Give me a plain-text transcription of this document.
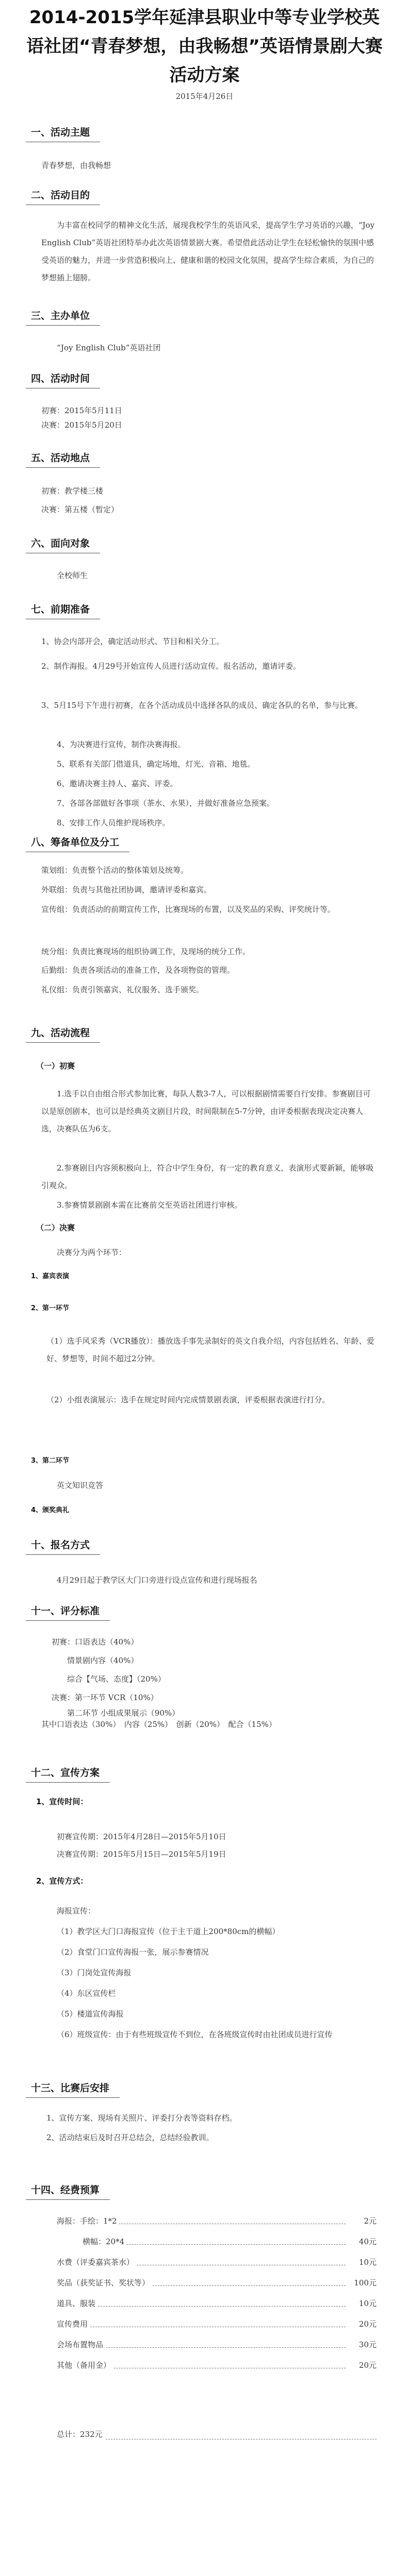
2014-2015学年延津县职业中等专业学校英语社团“青春梦想，由我畅想”英语情景剧大赛活动方案
2015年4月26日
一、活动主题

青春梦想，由我畅想

二、活动目的

为丰富在校同学的精神文化生活，展现我校学生的英语风采，提高学生学习英语的兴趣，“Joy English Club”英语社团特举办此次英语情景剧大赛。希望借此活动让学生在轻松愉快的氛围中感受英语的魅力，并进一步营造积极向上、健康和谐的校园文化氛围，提高学生综合素质，为自己的梦想插上翅膀。

三、主办单位

“Joy English Club”英语社团

四、活动时间

初赛：2015年5月11日

决赛：2015年5月20日

五、活动地点

初赛：教学楼三楼

决赛：第五楼（暂定）

六、面向对象

全校师生

七、前期准备

1、协会内部开会，确定活动形式、节目和相关分工。

2、制作海报。4月29号开始宣传人员进行活动宣传。报名活动，邀请评委。

3、5月15号下午进行初赛，在各个活动成员中选择各队的成员、确定各队的名单，参与比赛。

4、为决赛进行宣传，制作决赛海报。

5、联系有关部门借道具，确定场地，灯光、音箱、地毯。

6、邀请决赛主持人、嘉宾、评委。

7、各部各部做好各事项（茶水、水果），并做好准备应急预案。

8、安排工作人员维护现场秩序。

八、筹备单位及分工

策划组：负责整个活动的整体策划及统筹。

外联组：负责与其他社团协调，邀请评委和嘉宾。

宣传组：负责活动的前期宣传工作，比赛现场的布置，以及奖品的采购、评奖统计等。

统分组：负责比赛现场的组织协调工作，及现场的统分工作。

后勤组：负责各项活动的准备工作，及各项物资的管理。

礼仪组：负责引领嘉宾、礼仪服务、选手颁奖。

九、活动流程
（一）初赛

1.选手以自由组合形式参加比赛，每队人数3-7人，可以根据剧情需要自行安排。参赛剧目可以是原创剧本，也可以是经典英文剧目片段，时间限制在5-7分钟，由评委根据表现决定决赛人选，决赛队伍为6支。

2.参赛剧目内容须积极向上，符合中学生身份，有一定的教育意义，表演形式要新颖，能够吸引观众。

3.参赛情景剧剧本需在比赛前交至英语社团进行审核。

（二）决赛

决赛分为两个环节：

1、嘉宾表演
2、第一环节

（1）选手风采秀（VCR播放）：播放选手事先录制好的英文自我介绍，内容包括姓名、年龄、爱好、梦想等，时间不超过2分钟。

（2）小组表演展示：选手在规定时间内完成情景剧表演，评委根据表演进行打分。

3、第二环节

英文知识竞答

4、颁奖典礼
十、报名方式

4月29日起于教学区大门口旁进行设点宣传和进行现场报名

十一、评分标准

初赛：口语表达（40%）

情景剧内容（40%）

综合【气场、态度】（20%）

决赛：第一环节 VCR（10%）

第二环节 小组成果展示（90%）

其中口语表达（30%）　内容（25%）　创新（20%）　配合（15%）

十二、宣传方案
1、宣传时间：

初赛宣传期：2015年4月28日—2015年5月10日

决赛宣传期：2015年5月15日—2015年5月19日

2、宣传方式：

海报宣传：

（1）教学区大门口海报宣传（位于主干道上200*80cm的横幅）

（2）食堂门口宣传海报一张，展示参赛情况

（3）门岗处宣传海报

（4）东区宣传栏

（5）楼道宣传海报

（6）班级宣传：由于有些班级宣传不到位，在各班级宣传时由社团成员进行宣传

十三、比赛后安排

1、宣传方案、现场有关照片、评委打分表等资料存档。

2、活动结束后及时召开总结会，总结经验教训。

十四、经费预算
海报：手绘：1*2	2元
横幅：20*4	40元
水费（评委嘉宾茶水）	10元
奖品（获奖证书、奖状等）	100元
道具、服装	10元
宣传费用	20元
会场布置物品	30元
其他（备用金）	20元
总计：232元
